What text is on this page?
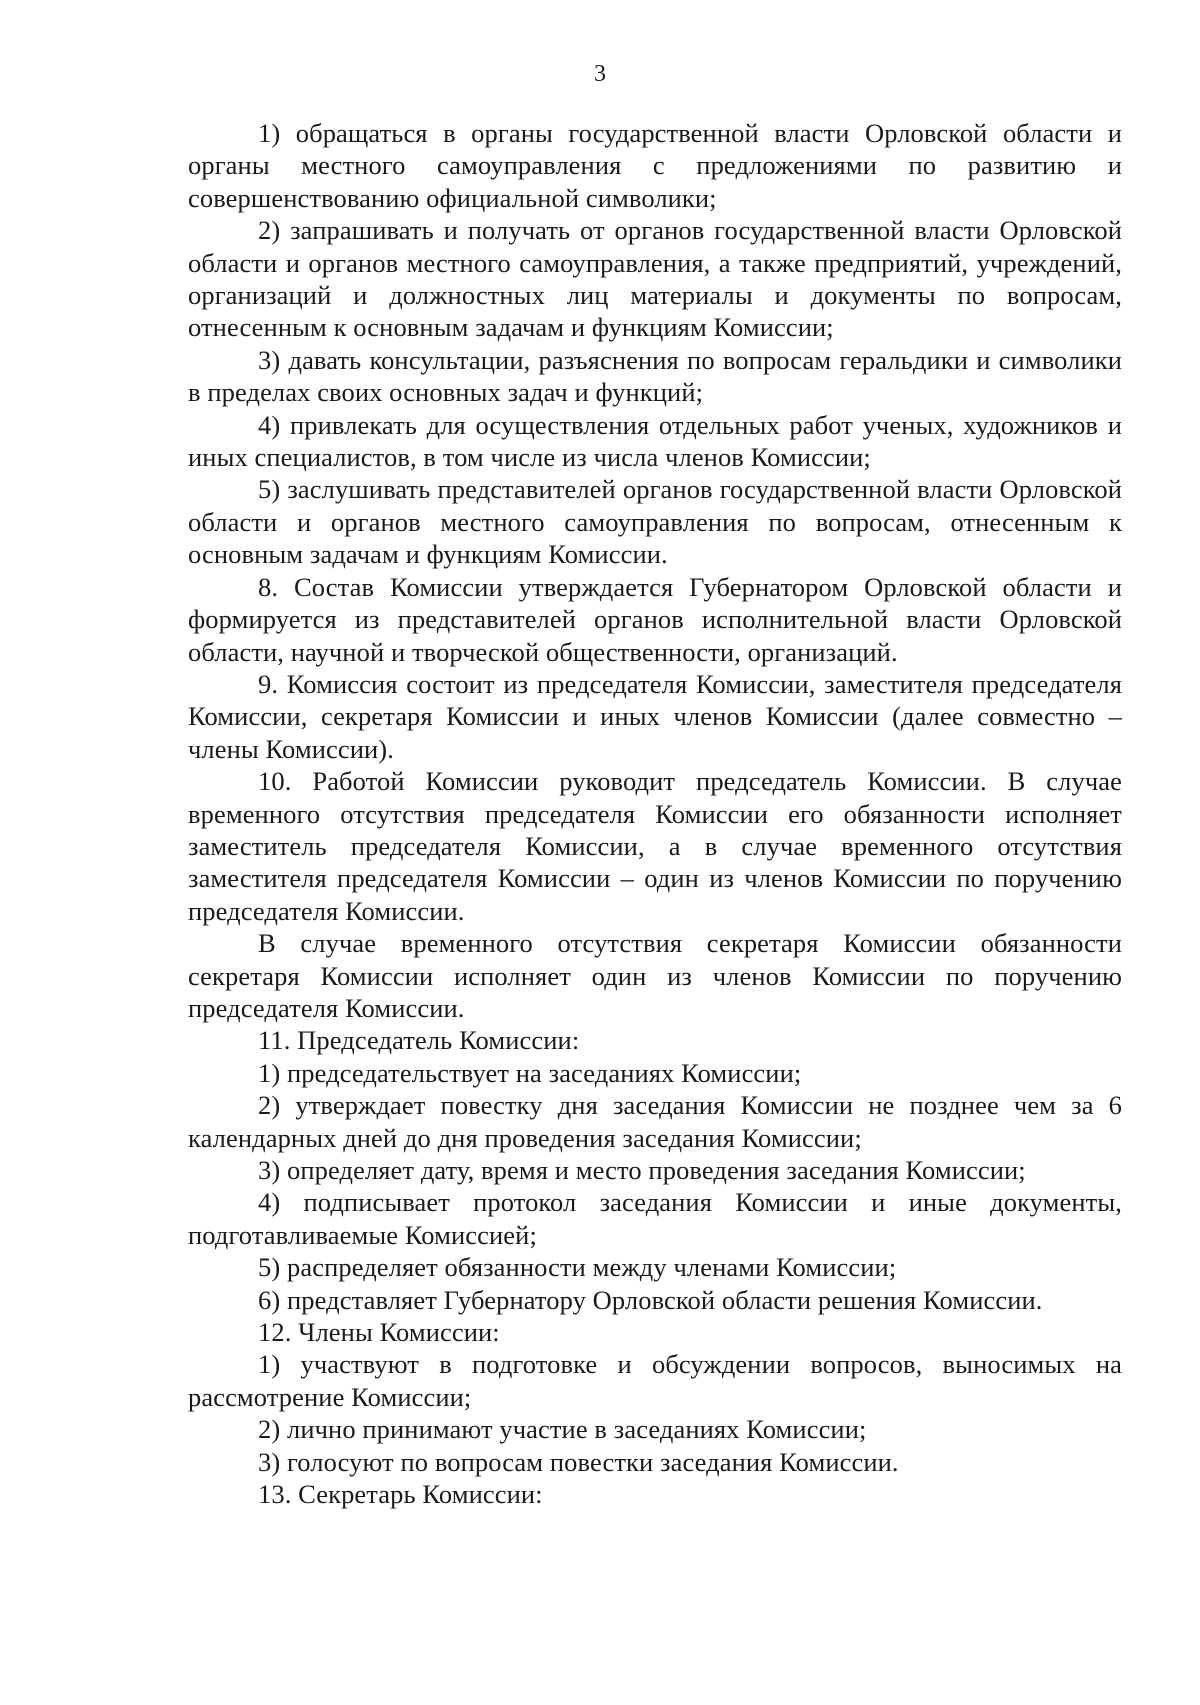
3

1) обращаться в органы государственной власти Орловской области и органы местного самоуправления с предложениями по развитию и совершенствованию официальной символики;

2) запрашивать и получать от органов государственной власти Орловской области и органов местного самоуправления, а также предприятий, учреждений, организаций и должностных лиц материалы и документы по вопросам, отнесенным к основным задачам и функциям Комиссии;

3) давать консультации, разъяснения по вопросам геральдики и символики в пределах своих основных задач и функций;

4) привлекать для осуществления отдельных работ ученых, художников и иных специалистов, в том числе из числа членов Комиссии;

5) заслушивать представителей органов государственной власти Орловской области и органов местного самоуправления по вопросам, отнесенным к основным задачам и функциям Комиссии.

8. Состав Комиссии утверждается Губернатором Орловской области и формируется из представителей органов исполнительной власти Орловской области, научной и творческой общественности, организаций.

9. Комиссия состоит из председателя Комиссии, заместителя председателя Комиссии, секретаря Комиссии и иных членов Комиссии (далее совместно – члены Комиссии).

10. Работой Комиссии руководит председатель Комиссии. В случае временного отсутствия председателя Комиссии его обязанности исполняет заместитель председателя Комиссии, а в случае временного отсутствия заместителя председателя Комиссии – один из членов Комиссии по поручению председателя Комиссии.

В случае временного отсутствия секретаря Комиссии обязанности секретаря Комиссии исполняет один из членов Комиссии по поручению председателя Комиссии.

11. Председатель Комиссии:

1) председательствует на заседаниях Комиссии;

2) утверждает повестку дня заседания Комиссии не позднее чем за 6 календарных дней до дня проведения заседания Комиссии;

3) определяет дату, время и место проведения заседания Комиссии;

4) подписывает протокол заседания Комиссии и иные документы, подготавливаемые Комиссией;

5) распределяет обязанности между членами Комиссии;

6) представляет Губернатору Орловской области решения Комиссии.

12. Члены Комиссии:

1) участвуют в подготовке и обсуждении вопросов, выносимых на рассмотрение Комиссии;

2) лично принимают участие в заседаниях Комиссии;

3) голосуют по вопросам повестки заседания Комиссии.

13. Секретарь Комиссии:
